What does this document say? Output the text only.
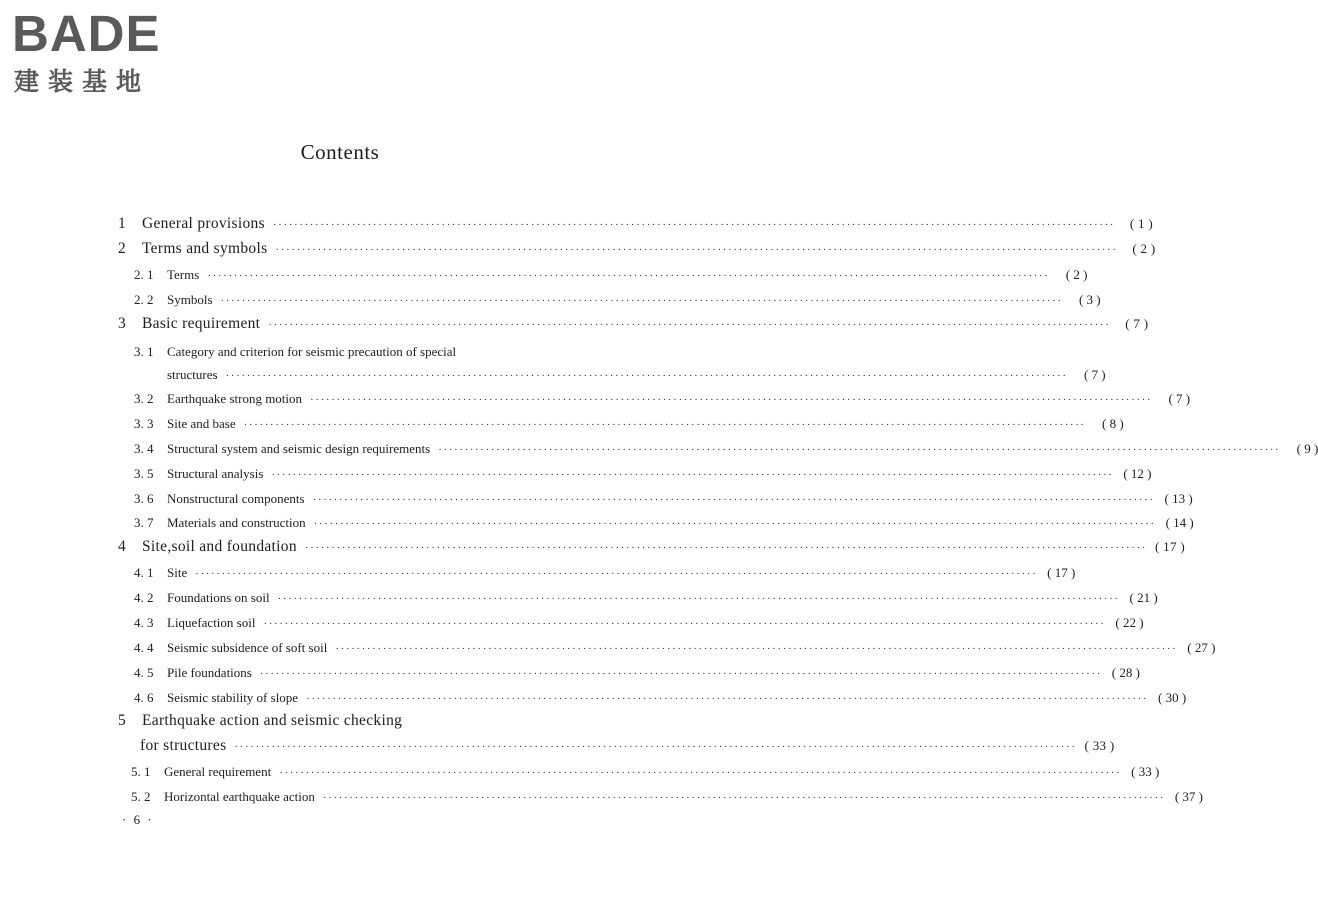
BADE
建装基地
Contents
1	General provisions ································································································································································	( 1 )
2	Terms and symbols ································································································································································	( 2 )
2. 1	Terms ································································································································································	( 2 )
2. 2	Symbols ································································································································································	( 3 )
3	Basic requirement ································································································································································	( 7 )
3. 1 Category and criterion for seismic precaution of special
structures ································································································································································	( 7 )
3. 2	Earthquake strong motion ································································································································································	( 7 )
3. 3	Site and base ································································································································································	( 8 )
3. 4	Structural system and seismic design requirements ································································································································································	( 9 )
3. 5	Structural analysis ································································································································································ ( 12 )
3. 6	Nonstructural components ································································································································································ ( 13 )
3. 7	Materials and construction ································································································································································ ( 14 )
4	Site,soil and foundation ································································································································································ ( 17 )
4. 1	Site ································································································································································ ( 17 )
4. 2	Foundations on soil ································································································································································ ( 21 )
4. 3	Liquefaction soil ································································································································································ ( 22 )
4. 4	Seismic subsidence of soft soil ································································································································································ ( 27 )
4. 5	Pile foundations ································································································································································ ( 28 )
4. 6	Seismic stability of slope ································································································································································ ( 30 )
5 Earthquake action and seismic checking
for structures ································································································································································ ( 33 )
5. 1	General requirement ································································································································································ ( 33 )
5. 2	Horizontal earthquake action ································································································································································ ( 37 )
· 6 ·
